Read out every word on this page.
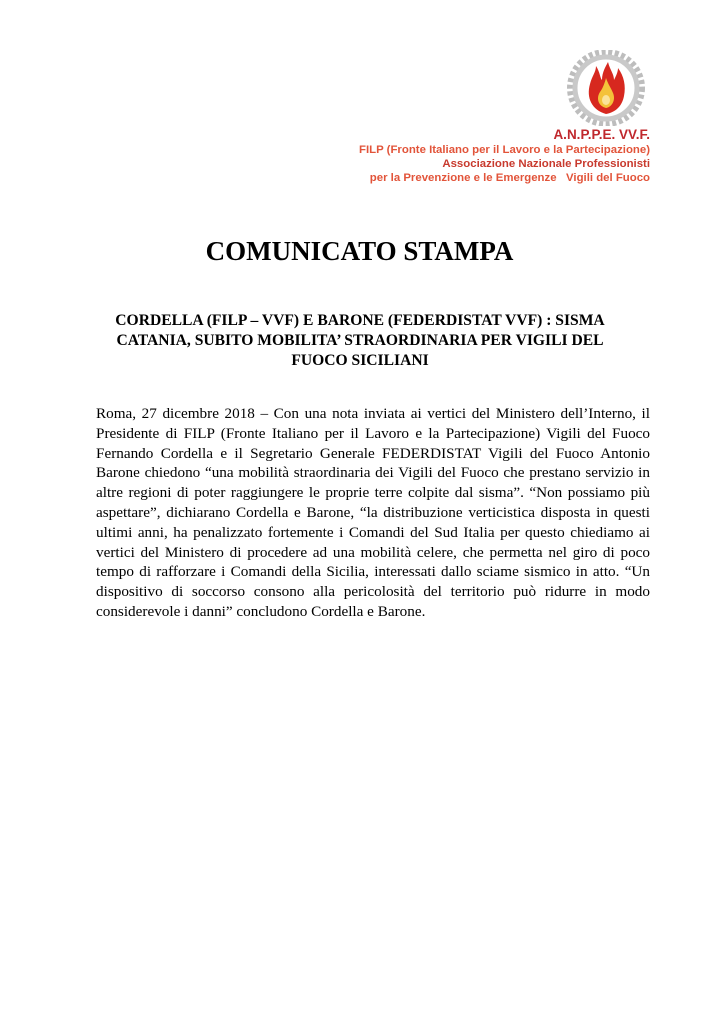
A.N.P.P.E. VV.F.
FILP (Fronte Italiano per il Lavoro e la Partecipazione)
Associazione Nazionale Professionisti
per la Prevenzione e le Emergenze   Vigili del Fuoco
COMUNICATO STAMPA
CORDELLA (FILP – VVF) E BARONE (FEDERDISTAT VVF) : SISMA
CATANIA, SUBITO MOBILITA’ STRAORDINARIA PER VIGILI DEL
FUOCO SICILIANI
Roma, 27 dicembre 2018 – Con una nota inviata ai vertici del Ministero dell’Interno, il Presidente di FILP (Fronte Italiano per il Lavoro e la Partecipazione) Vigili del Fuoco Fernando Cordella e il Segretario Generale FEDERDISTAT Vigili del Fuoco Antonio Barone chiedono “una mobilità straordinaria dei Vigili del Fuoco che prestano servizio in altre regioni di poter raggiungere le proprie terre colpite dal sisma”. “Non possiamo più aspettare”, dichiarano Cordella e Barone, “la distribuzione verticistica disposta in questi ultimi anni, ha penalizzato fortemente i Comandi del Sud Italia per questo chiediamo ai vertici del Ministero di procedere ad una mobilità celere, che permetta nel giro di poco tempo di rafforzare i Comandi della Sicilia, interessati dallo sciame sismico in atto. “Un dispositivo di soccorso consono alla pericolosità del territorio può ridurre in modo considerevole i danni” concludono Cordella e Barone.
